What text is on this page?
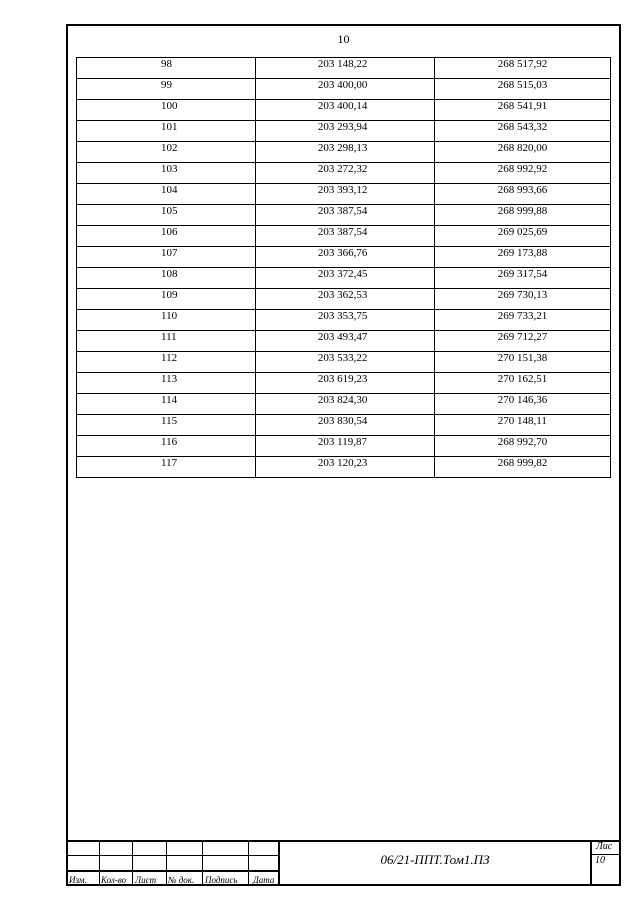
10
98	203 148,22	268 517,92
99	203 400,00	268 515,03
100	203 400,14	268 541,91
101	203 293,94	268 543,32
102	203 298,13	268 820,00
103	203 272,32	268 992,92
104	203 393,12	268 993,66
105	203 387,54	268 999,88
106	203 387,54	269 025,69
107	203 366,76	269 173,88
108	203 372,45	269 317,54
109	203 362,53	269 730,13
110	203 353,75	269 733,21
111	203 493,47	269 712,27
112	203 533,22	270 151,38
113	203 619,23	270 162,51
114	203 824,30	270 146,36
115	203 830,54	270 148,11
116	203 119,87	268 992,70
117	203 120,23	268 999,82
Изм. Кол-во Лист № док. Подпись Дата
06/21-ППТ.Том1.ПЗ
Лис
10
